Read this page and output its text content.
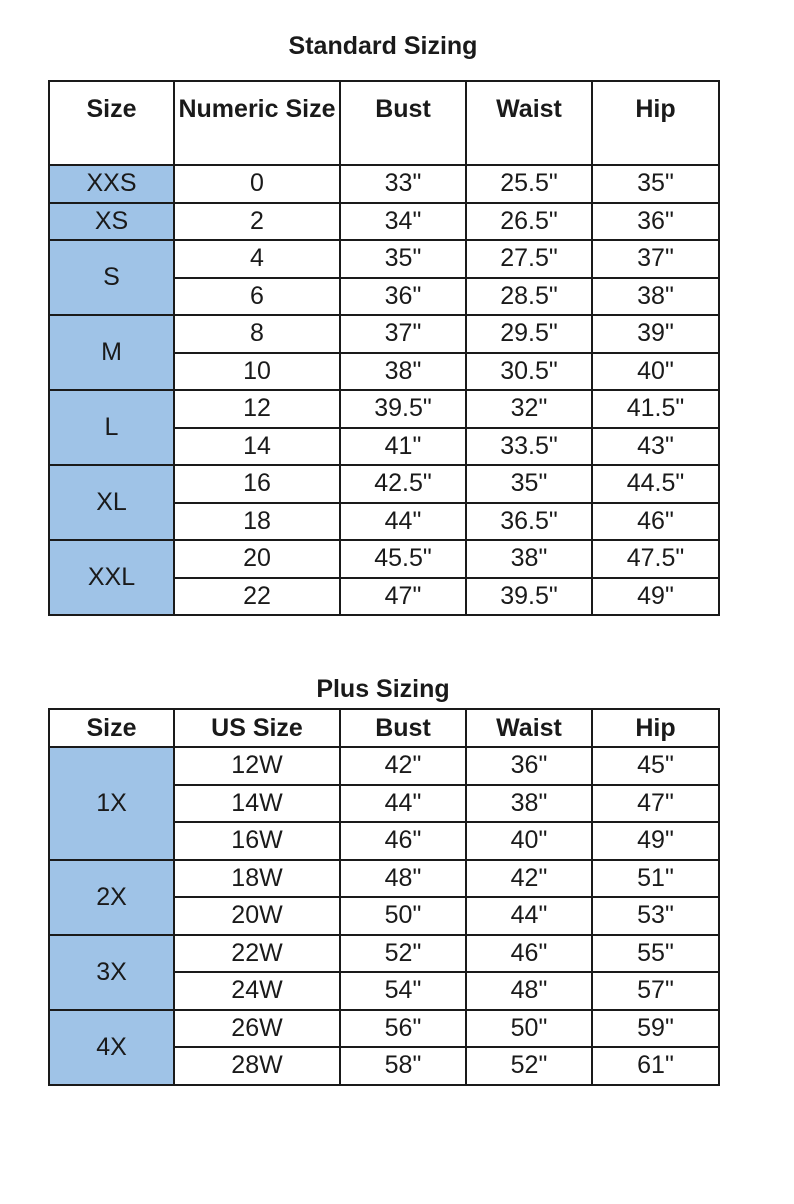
Standard Sizing
Size	Numeric Size	Bust	Waist	Hip
XXS	0	33"	25.5"	35"
XS	2	34"	26.5"	36"
S	4	35"	27.5"	37"
	6	36"	28.5"	38"
M	8	37"	29.5"	39"
	10	38"	30.5"	40"
L	12	39.5"	32"	41.5"
	14	41"	33.5"	43"
XL	16	42.5"	35"	44.5"
	18	44"	36.5"	46"
XXL	20	45.5"	38"	47.5"
	22	47"	39.5"	49"
Plus Sizing
Size	US Size	Bust	Waist	Hip
1X	12W	42"	36"	45"
	14W	44"	38"	47"
	16W	46"	40"	49"
2X	18W	48"	42"	51"
	20W	50"	44"	53"
3X	22W	52"	46"	55"
	24W	54"	48"	57"
4X	26W	56"	50"	59"
	28W	58"	52"	61"
